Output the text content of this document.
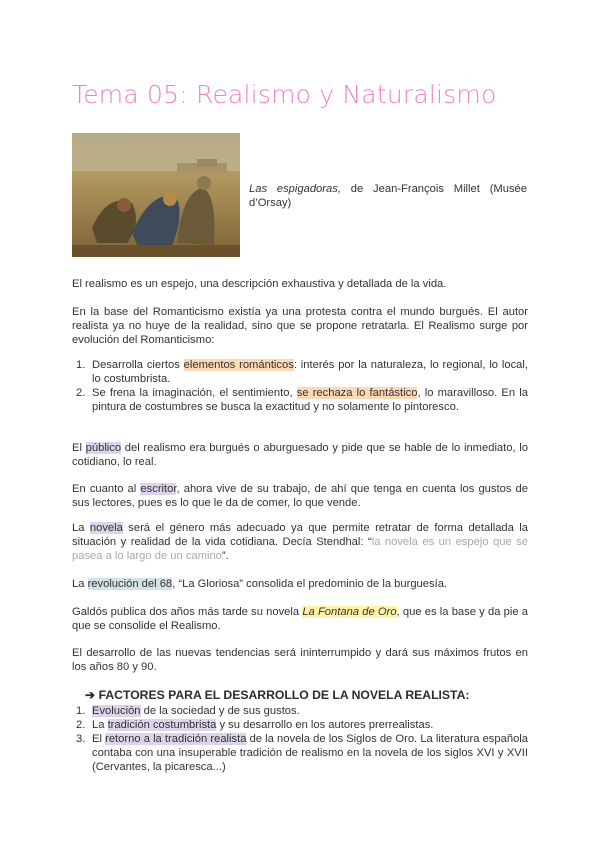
Tema 05: Realismo y Naturalismo
Las espigadoras, de Jean-François Millet (Musée d’Orsay)

El realismo es un espejo, una descripción exhaustiva y detallada de la vida.

En la base del Romanticismo existía ya una protesta contra el mundo burgués. El autor realista ya no huye de la realidad, sino que se propone retratarla. El Realismo surge por evolución del Romanticismo:

1. Desarrolla ciertos elementos románticos: interés por la naturaleza, lo regional, lo local, lo costumbrista.
2. Se frena la imaginación, el sentimiento, se rechaza lo fantástico, lo maravilloso. En la pintura de costumbres se busca la exactitud y no solamente lo pintoresco.

El público del realismo era burgués o aburguesado y pide que se hable de lo inmediato, lo cotidiano, lo real.

En cuanto al escritor, ahora vive de su trabajo, de ahí que tenga en cuenta los gustos de sus lectores, pues es lo que le da de comer, lo que vende.

La novela será el género más adecuado ya que permite retratar de forma detallada la situación y realidad de la vida cotidiana. Decía Stendhal: “la novela es un espejo que se pasea a lo largo de un camino”.

La revolución del 68, “La Gloriosa” consolida el predominio de la burguesía.

Galdós publica dos años más tarde su novela La Fontana de Oro, que es la base y da pie a que se consolide el Realismo.

El desarrollo de las nuevas tendencias será ininterrumpido y dará sus máximos frutos en los años 80 y 90.

➔ FACTORES PARA EL DESARROLLO DE LA NOVELA REALISTA:
1. Evolución de la sociedad y de sus gustos.
2. La tradición costumbrista y su desarrollo en los autores prerrealistas.
3. El retorno a la tradición realista de la novela de los Siglos de Oro. La literatura española contaba con una insuperable tradición de realismo en la novela de los siglos XVI y XVII (Cervantes, la picaresca...)
